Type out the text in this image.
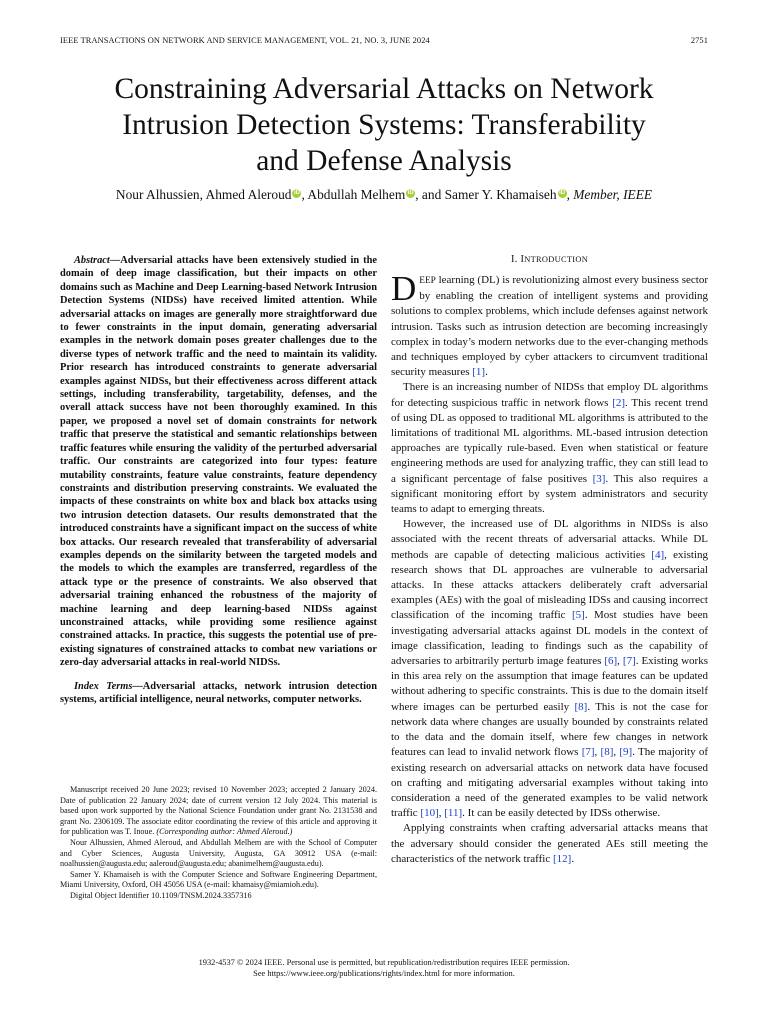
IEEE TRANSACTIONS ON NETWORK AND SERVICE MANAGEMENT, VOL. 21, NO. 3, JUNE 2024	2751
Constraining Adversarial Attacks on Network
Intrusion Detection Systems: Transferability
and Defense Analysis
Nour Alhussien, Ahmed Aleroud iD , Abdullah Melhem iD , and Samer Y. Khamaiseh iD , Member, IEEE

Abstract—Adversarial attacks have been extensively studied in the domain of deep image classification, but their impacts on other domains such as Machine and Deep Learning-based Network Intrusion Detection Systems (NIDSs) have received limited attention. While adversarial attacks on images are generally more straightforward due to fewer constraints in the input domain, generating adversarial examples in the network domain poses greater challenges due to the diverse types of network traffic and the need to maintain its validity. Prior research has introduced constraints to generate adversarial examples against NIDSs, but their effectiveness across different attack settings, including transferability, targetability, defenses, and the overall attack success have not been thoroughly examined. In this paper, we proposed a novel set of domain constraints for network traffic that preserve the statistical and semantic relationships between traffic features while ensuring the validity of the perturbed adversarial traffic. Our constraints are categorized into four types: feature mutability constraints, feature value constraints, feature dependency constraints and distribution preserving constraints. We evaluated the impacts of these constraints on white box and black box attacks using two intrusion detection datasets. Our results demonstrated that the introduced constraints have a significant impact on the success of white box attacks. Our research revealed that transferability of adversarial examples depends on the similarity between the targeted models and the models to which the examples are transferred, regardless of the attack type or the presence of constraints. We also observed that adversarial training enhanced the robustness of the majority of machine learning and deep learning-based NIDSs against unconstrained attacks, while providing some resilience against constrained attacks. In practice, this suggests the potential use of pre-existing signatures of constrained attacks to combat new variations or zero-day adversarial attacks in real-world NIDSs.

Index Terms—Adversarial attacks, network intrusion detection systems, artificial intelligence, neural networks, computer networks.

Manuscript received 20 June 2023; revised 10 November 2023; accepted 2 January 2024. Date of publication 22 January 2024; date of current version 12 July 2024. This material is based upon work supported by the National Science Foundation under grant No. 2131538 and grant No. 2306109. The associate editor coordinating the review of this article and approving it for publication was T. Inoue. (Corresponding author: Ahmed Aleroud.)

Nour Alhussien, Ahmed Aleroud, and Abdullah Melhem are with the School of Computer and Cyber Sciences, Augusta University, Augusta, GA 30912 USA (e-mail: noalhussien@augusta.edu; aaleroud@augusta.edu; abanimelhem@augusta.edu).

Samer Y. Khamaiseh is with the Computer Science and Software Engineering Department, Miami University, Oxford, OH 45056 USA (e-mail: khamaisy@miamioh.edu).

Digital Object Identifier 10.1109/TNSM.2024.3357316

I. INTRODUCTION

DEEP learning (DL) is revolutionizing almost every business sector by enabling the creation of intelligent systems and providing solutions to complex problems, which include defenses against network intrusion. Tasks such as intrusion detection are becoming increasingly complex in today’s modern networks due to the ever-changing methods and techniques employed by cyber attackers to circumvent traditional security measures [1].

There is an increasing number of NIDSs that employ DL algorithms for detecting suspicious traffic in network flows [2]. This recent trend of using DL as opposed to traditional ML algorithms is attributed to the limitations of traditional ML algorithms. ML-based intrusion detection approaches are typically rule-based. Even when statistical or feature engineering methods are used for analyzing traffic, they can still lead to a significant percentage of false positives [3]. This also requires a significant monitoring effort by system administrators and security teams to adapt to emerging threats.

However, the increased use of DL algorithms in NIDSs is also associated with the recent threats of adversarial attacks. While DL methods are capable of detecting malicious activities [4], existing research shows that DL approaches are vulnerable to adversarial attacks. In these attacks attackers deliberately craft adversarial examples (AEs) with the goal of misleading IDSs and causing incorrect classification of the incoming traffic [5]. Most studies have been investigating adversarial attacks against DL models in the context of image classification, leading to findings such as the capability of adversaries to arbitrarily perturb image features [6], [7]. Existing works in this area rely on the assumption that image features can be updated without adhering to specific constraints. This is due to the domain itself where images can be perturbed easily [8]. This is not the case for network data where changes are usually bounded by constraints related to the data and the domain itself, where few changes in network features can lead to invalid network flows [7], [8], [9]. The majority of existing research on adversarial attacks on network data have focused on crafting and mitigating adversarial examples without taking into consideration a need of the generated examples to be valid network traffic [10], [11]. It can be easily detected by IDSs otherwise.

Applying constraints when crafting adversarial attacks means that the adversary should consider the generated AEs still meeting the characteristics of the network traffic [12].

1932-4537 © 2024 IEEE. Personal use is permitted, but republication/redistribution requires IEEE permission.
See https://www.ieee.org/publications/rights/index.html for more information.
